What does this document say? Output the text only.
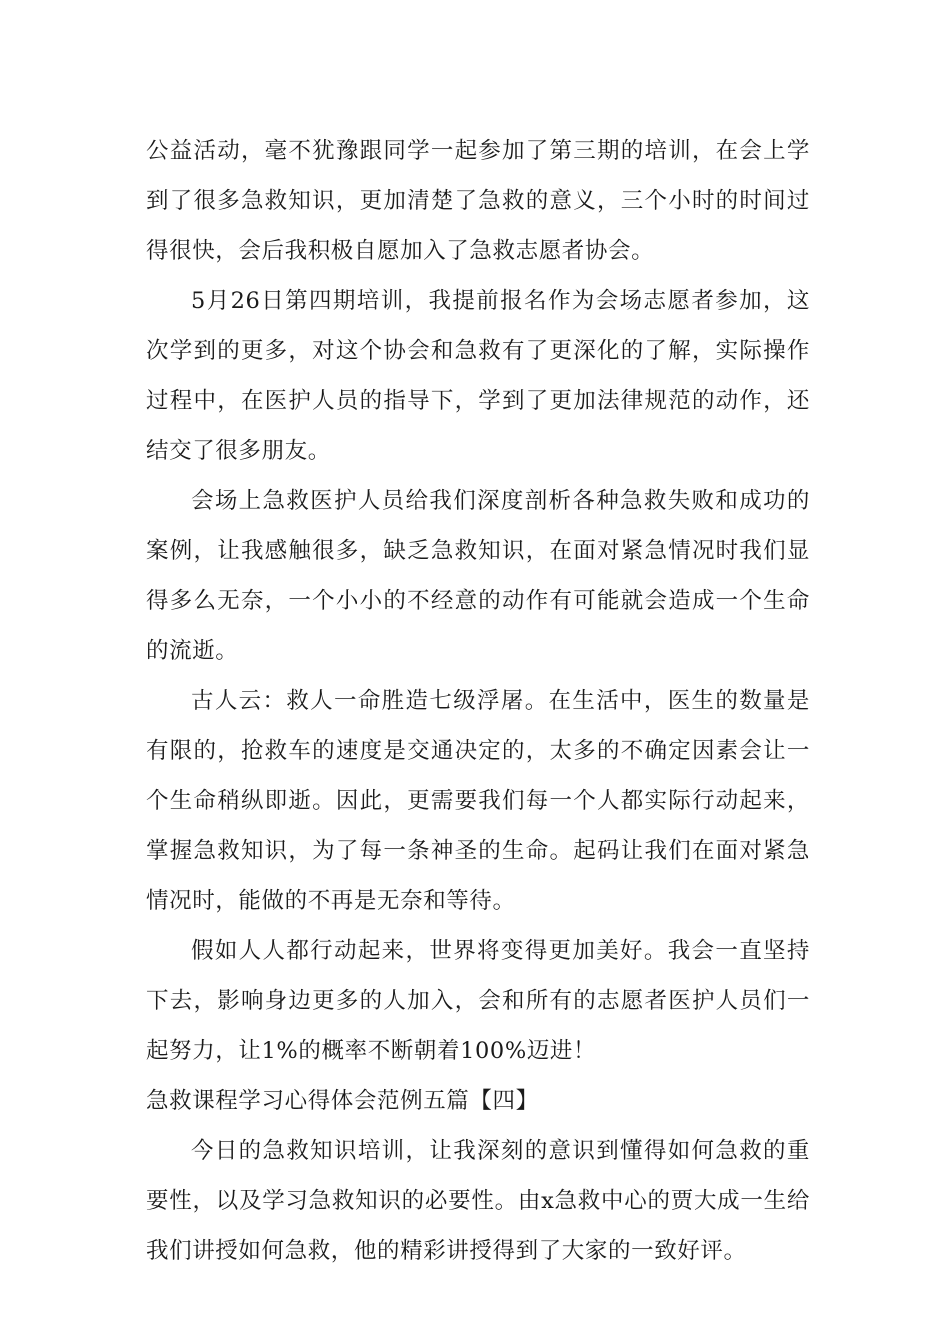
公益活动，毫不犹豫跟同学一起参加了第三期的培训，在会上学到了很多急救知识，更加清楚了急救的意义，三个小时的时间过得很快，会后我积极自愿加入了急救志愿者协会。

5月26日第四期培训，我提前报名作为会场志愿者参加，这次学到的更多，对这个协会和急救有了更深化的了解，实际操作过程中，在医护人员的指导下，学到了更加法律规范的动作，还结交了很多朋友。

会场上急救医护人员给我们深度剖析各种急救失败和成功的案例，让我感触很多，缺乏急救知识，在面对紧急情况时我们显得多么无奈，一个小小的不经意的动作有可能就会造成一个生命的流逝。

古人云：救人一命胜造七级浮屠。在生活中，医生的数量是有限的，抢救车的速度是交通决定的，太多的不确定因素会让一个生命稍纵即逝。因此，更需要我们每一个人都实际行动起来，掌握急救知识，为了每一条神圣的生命。起码让我们在面对紧急情况时，能做的不再是无奈和等待。

假如人人都行动起来，世界将变得更加美好。我会一直坚持下去，影响身边更多的人加入，会和所有的志愿者医护人员们一起努力，让1%的概率不断朝着100%迈进！

急救课程学习心得体会范例五篇【四】

今日的急救知识培训，让我深刻的意识到懂得如何急救的重要性，以及学习急救知识的必要性。由x急救中心的贾大成一生给我们讲授如何急救，他的精彩讲授得到了大家的一致好评。
